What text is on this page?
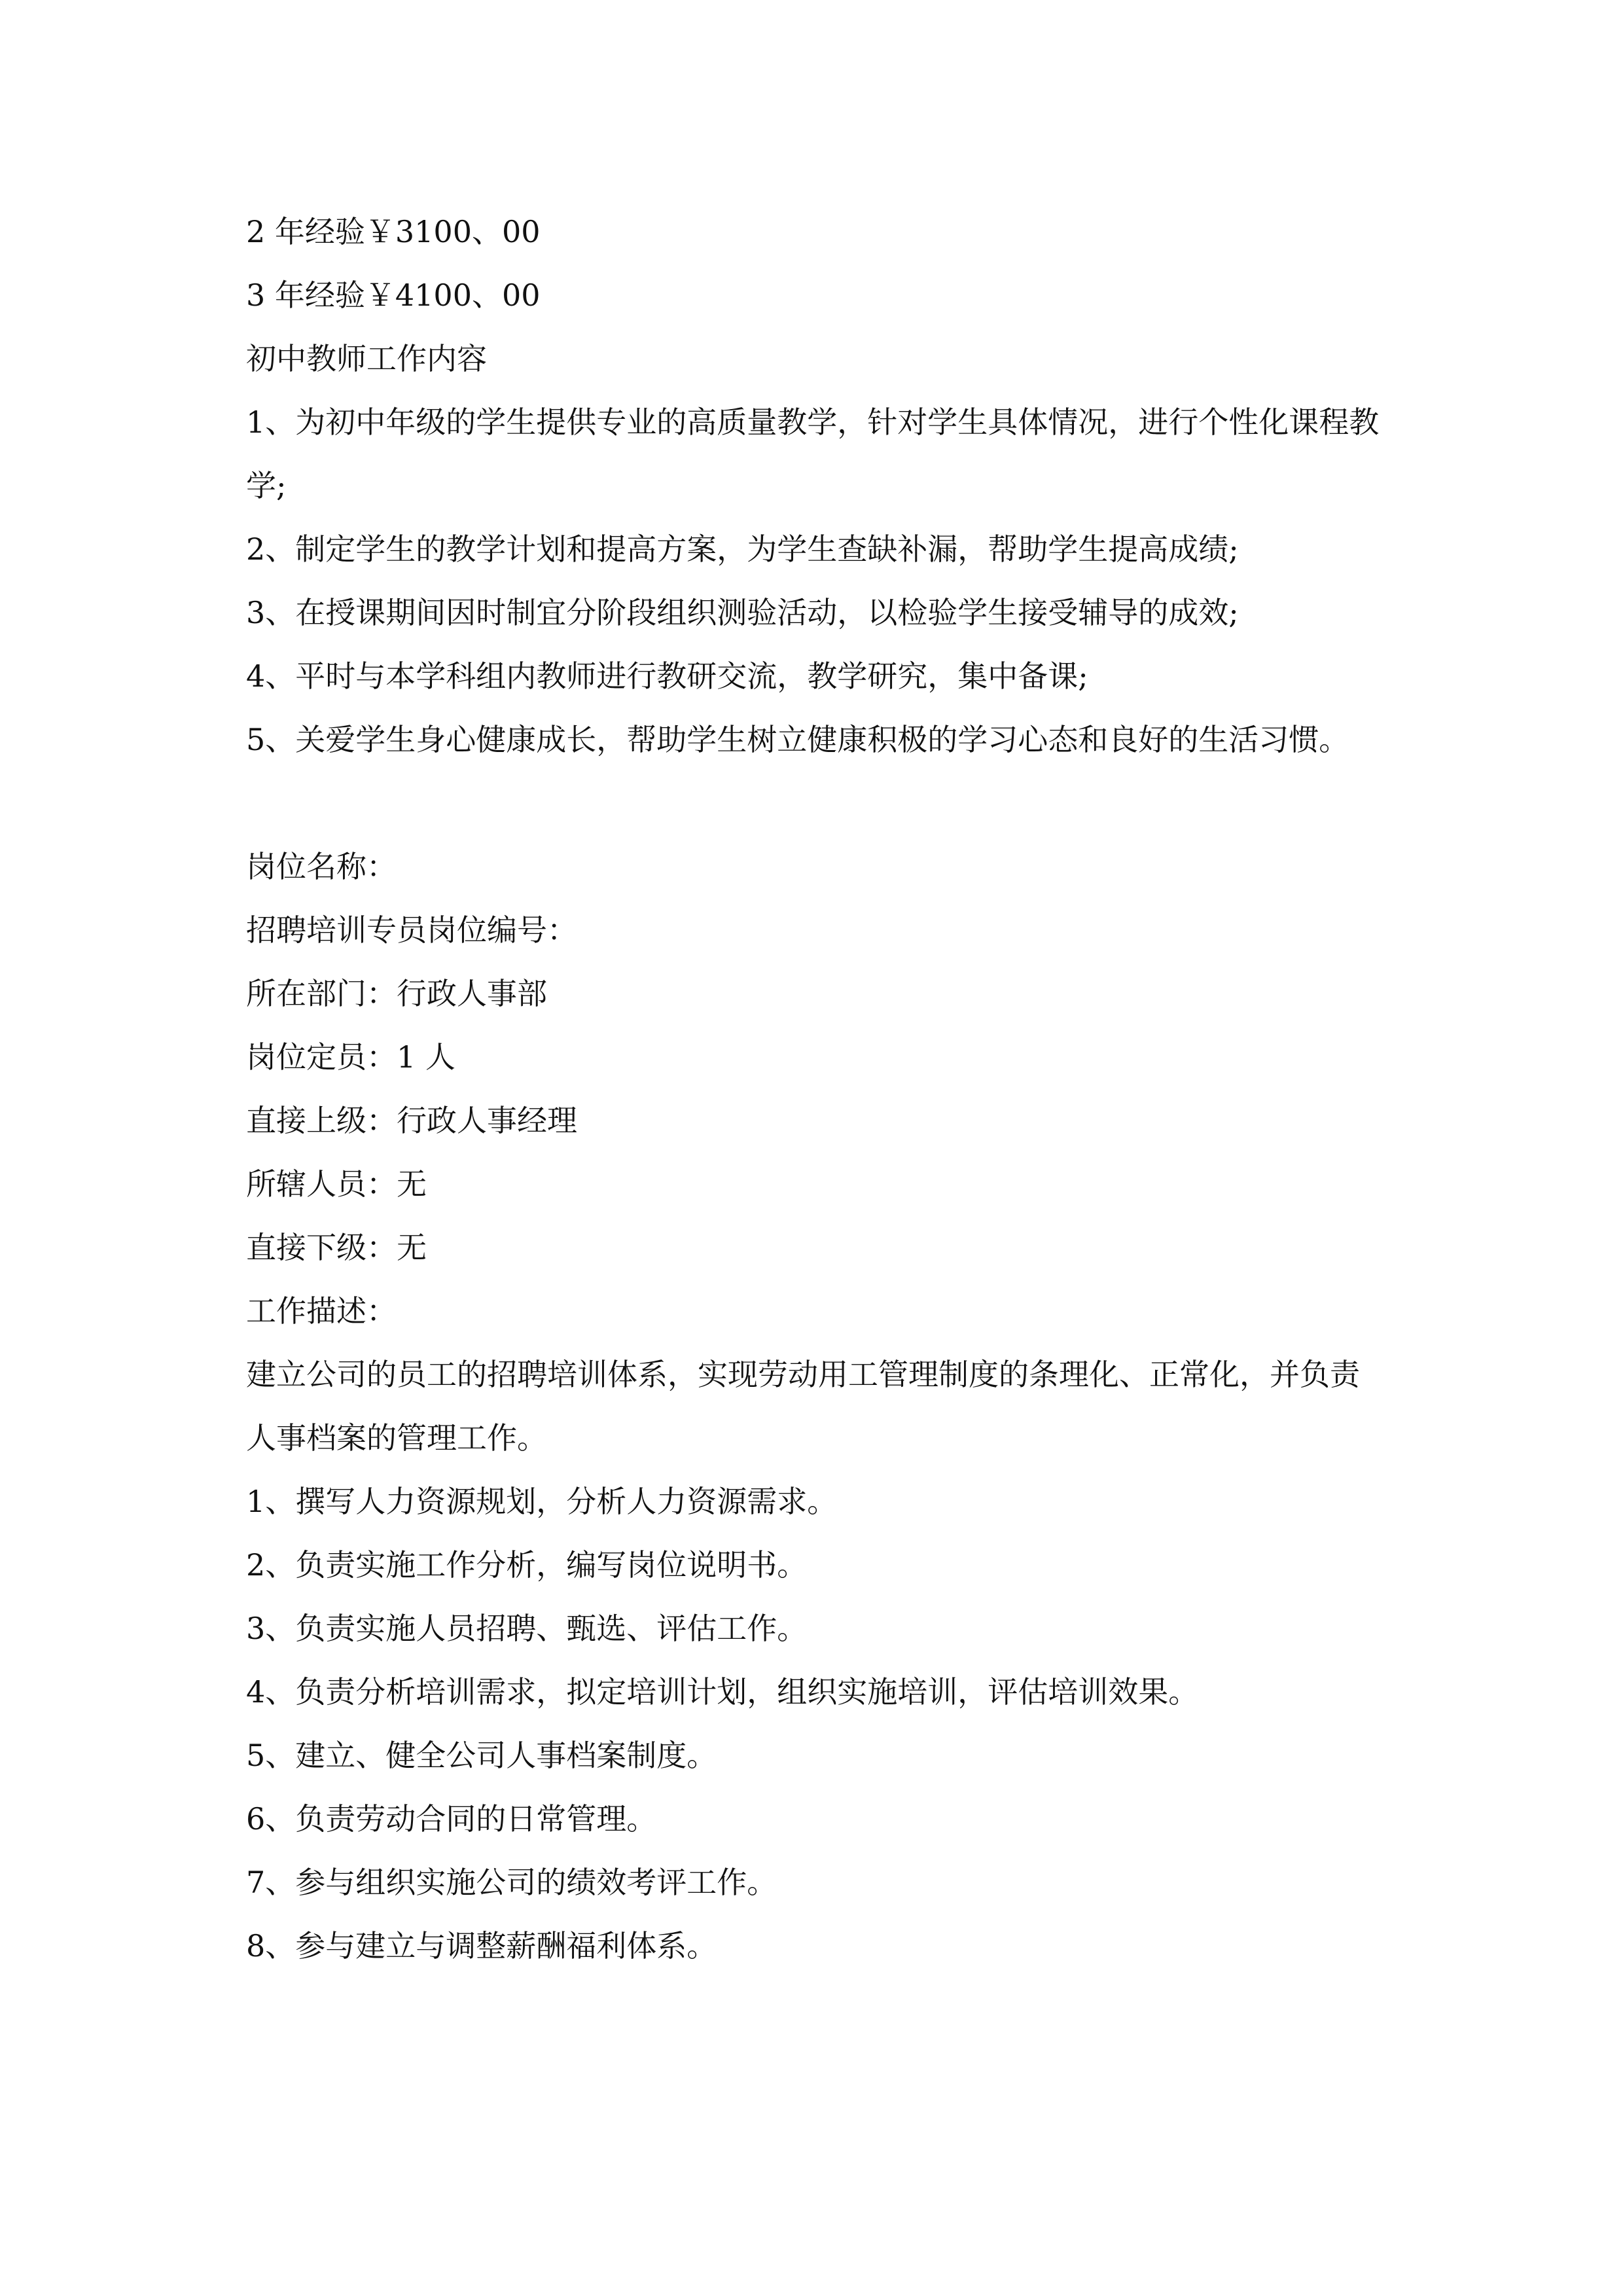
2 年经验￥3100、00

3 年经验￥4100、00

初中教师工作内容

1、为初中年级的学生提供专业的高质量教学，针对学生具体情况，进行个性化课程教学;

2、制定学生的教学计划和提高方案，为学生查缺补漏，帮助学生提高成绩;

3、在授课期间因时制宜分阶段组织测验活动，以检验学生接受辅导的成效;

4、平时与本学科组内教师进行教研交流，教学研究，集中备课;

5、关爱学生身心健康成长，帮助学生树立健康积极的学习心态和良好的生活习惯。

岗位名称：

招聘培训专员岗位编号：

所在部门：行政人事部

岗位定员：1 人

直接上级：行政人事经理

所辖人员：无

直接下级：无

工作描述：

建立公司的员工的招聘培训体系，实现劳动用工管理制度的条理化、正常化，并负责人事档案的管理工作。

1、撰写人力资源规划，分析人力资源需求。

2、负责实施工作分析，编写岗位说明书。

3、负责实施人员招聘、甄选、评估工作。

4、负责分析培训需求，拟定培训计划，组织实施培训，评估培训效果。

5、建立、健全公司人事档案制度。

6、负责劳动合同的日常管理。

7、参与组织实施公司的绩效考评工作。

8、参与建立与调整薪酬福利体系。
